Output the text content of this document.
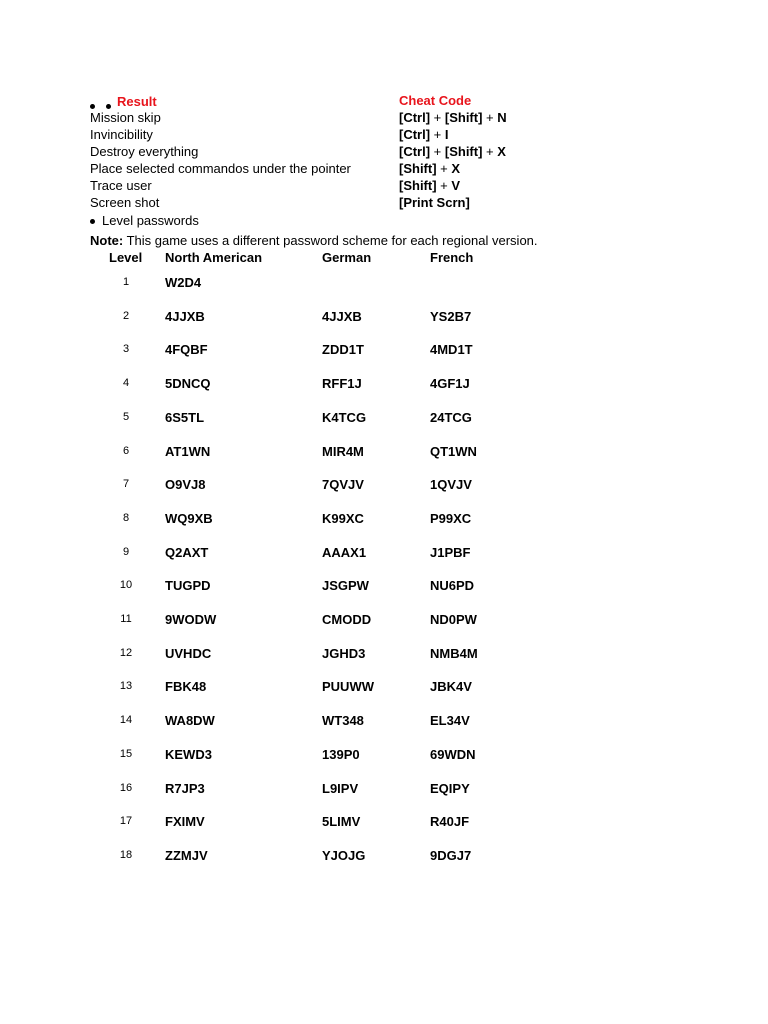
Result	Cheat Code
Mission skip	[Ctrl] + [Shift] + N
Invincibility	[Ctrl] + I
Destroy everything	[Ctrl] + [Shift] + X
Place selected commandos under the pointer	[Shift] + X
Trace user	[Shift] + V
Screen shot	[Print Scrn]
Level passwords
Note: This game uses a different password scheme for each regional version.
Level North American	German	French
1	W2D4
2	4JJXB	4JJXB	YS2B7
3	4FQBF	ZDD1T	4MD1T
4	5DNCQ	RFF1J	4GF1J
5	6S5TL	K4TCG	24TCG
6	AT1WN	MIR4M	QT1WN
7	O9VJ8	7QVJV	1QVJV
8	WQ9XB	K99XC	P99XC
9	Q2AXT	AAAX1	J1PBF
10	TUGPD	JSGPW	NU6PD
11	9WODW	CMODD	ND0PW
12	UVHDC	JGHD3	NMB4M
13	FBK48	PUUWW	JBK4V
14	WA8DW	WT348	EL34V
15	KEWD3	139P0	69WDN
16	R7JP3	L9IPV	EQIPY
17	FXIMV	5LIMV	R40JF
18	ZZMJV	YJOJG	9DGJ7
